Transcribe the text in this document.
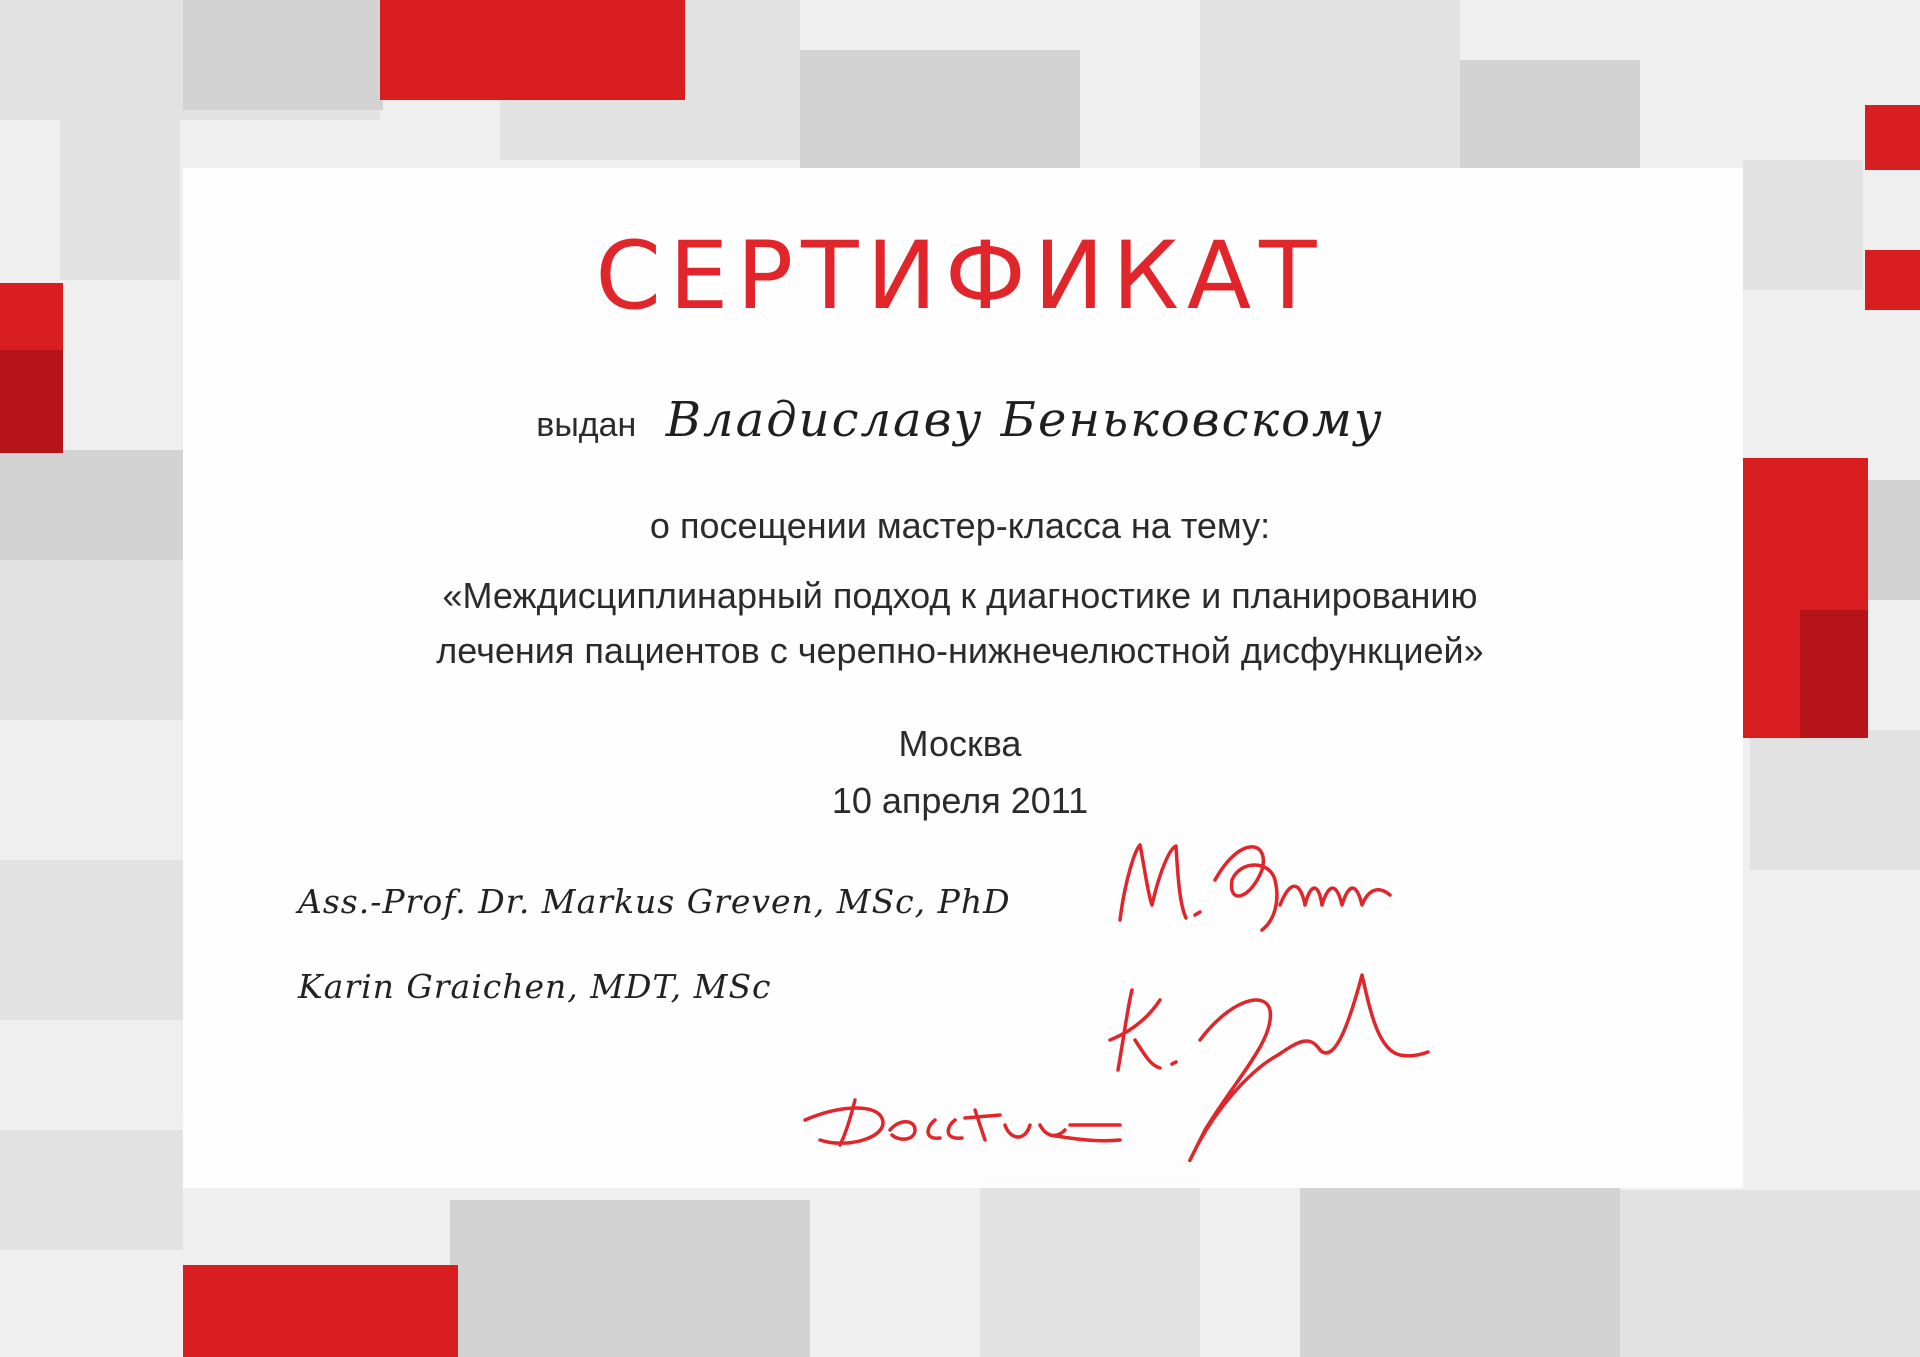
СЕРТИФИКАТ
выдан Владиславу Беньковскому
о посещении мастер-класса на тему:
«Междисциплинарный подход к диагностике и планированию
лечения пациентов с черепно-нижнечелюстной дисфункцией»
Москва
10 апреля 2011
Ass.-Prof. Dr. Markus Greven, MSc, PhD
Karin Graichen, MDT, MSc
